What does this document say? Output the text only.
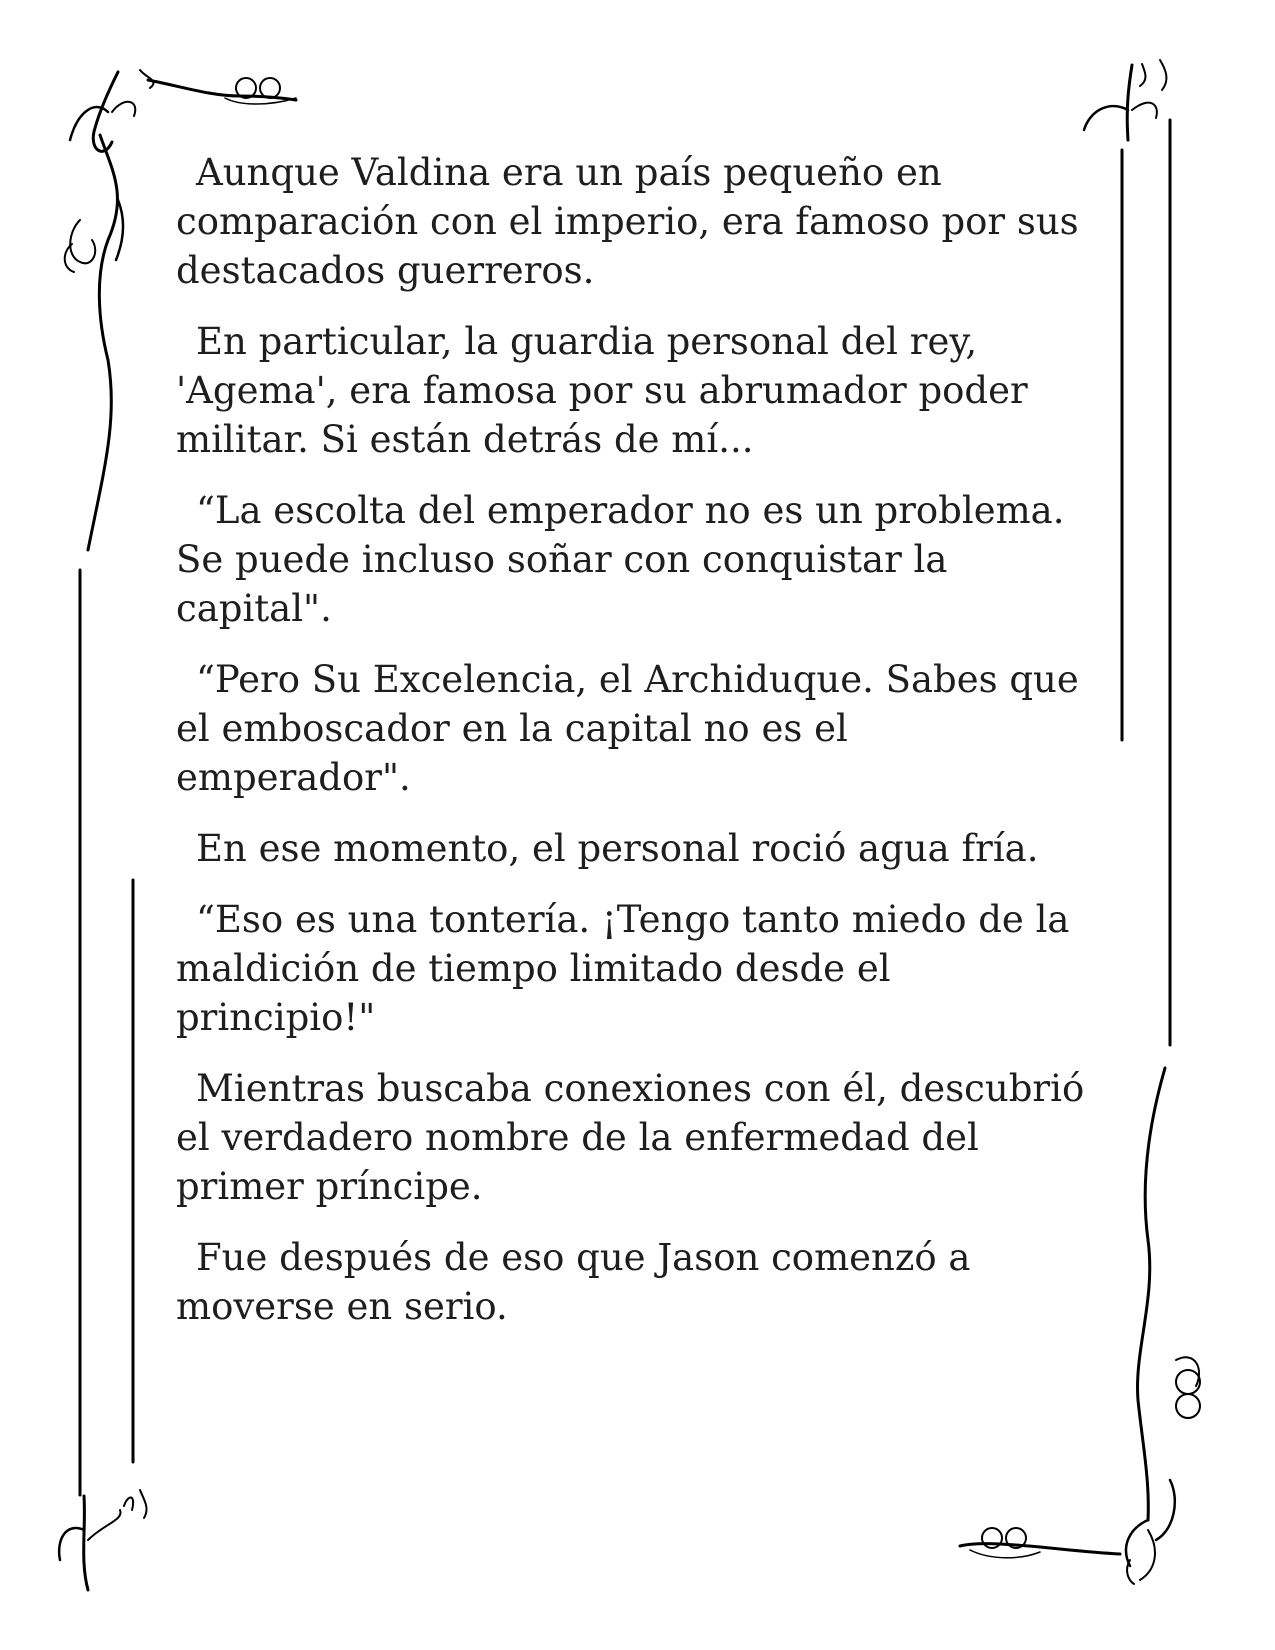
Aunque Valdina era un país pequeño en comparación con el imperio, era famoso por sus destacados guerreros.

En particular, la guardia personal del rey, 'Agema', era famosa por su abrumador poder militar. Si están detrás de mí...

“La escolta del emperador no es un problema. Se puede incluso soñar con conquistar la capital".

“Pero Su Excelencia, el Archiduque. Sabes que el emboscador en la capital no es el emperador".

En ese momento, el personal roció agua fría.

“Eso es una tontería. ¡Tengo tanto miedo de la maldición de tiempo limitado desde el principio!"

Mientras buscaba conexiones con él, descubrió el verdadero nombre de la enfermedad del primer príncipe.

Fue después de eso que Jason comenzó a moverse en serio.
